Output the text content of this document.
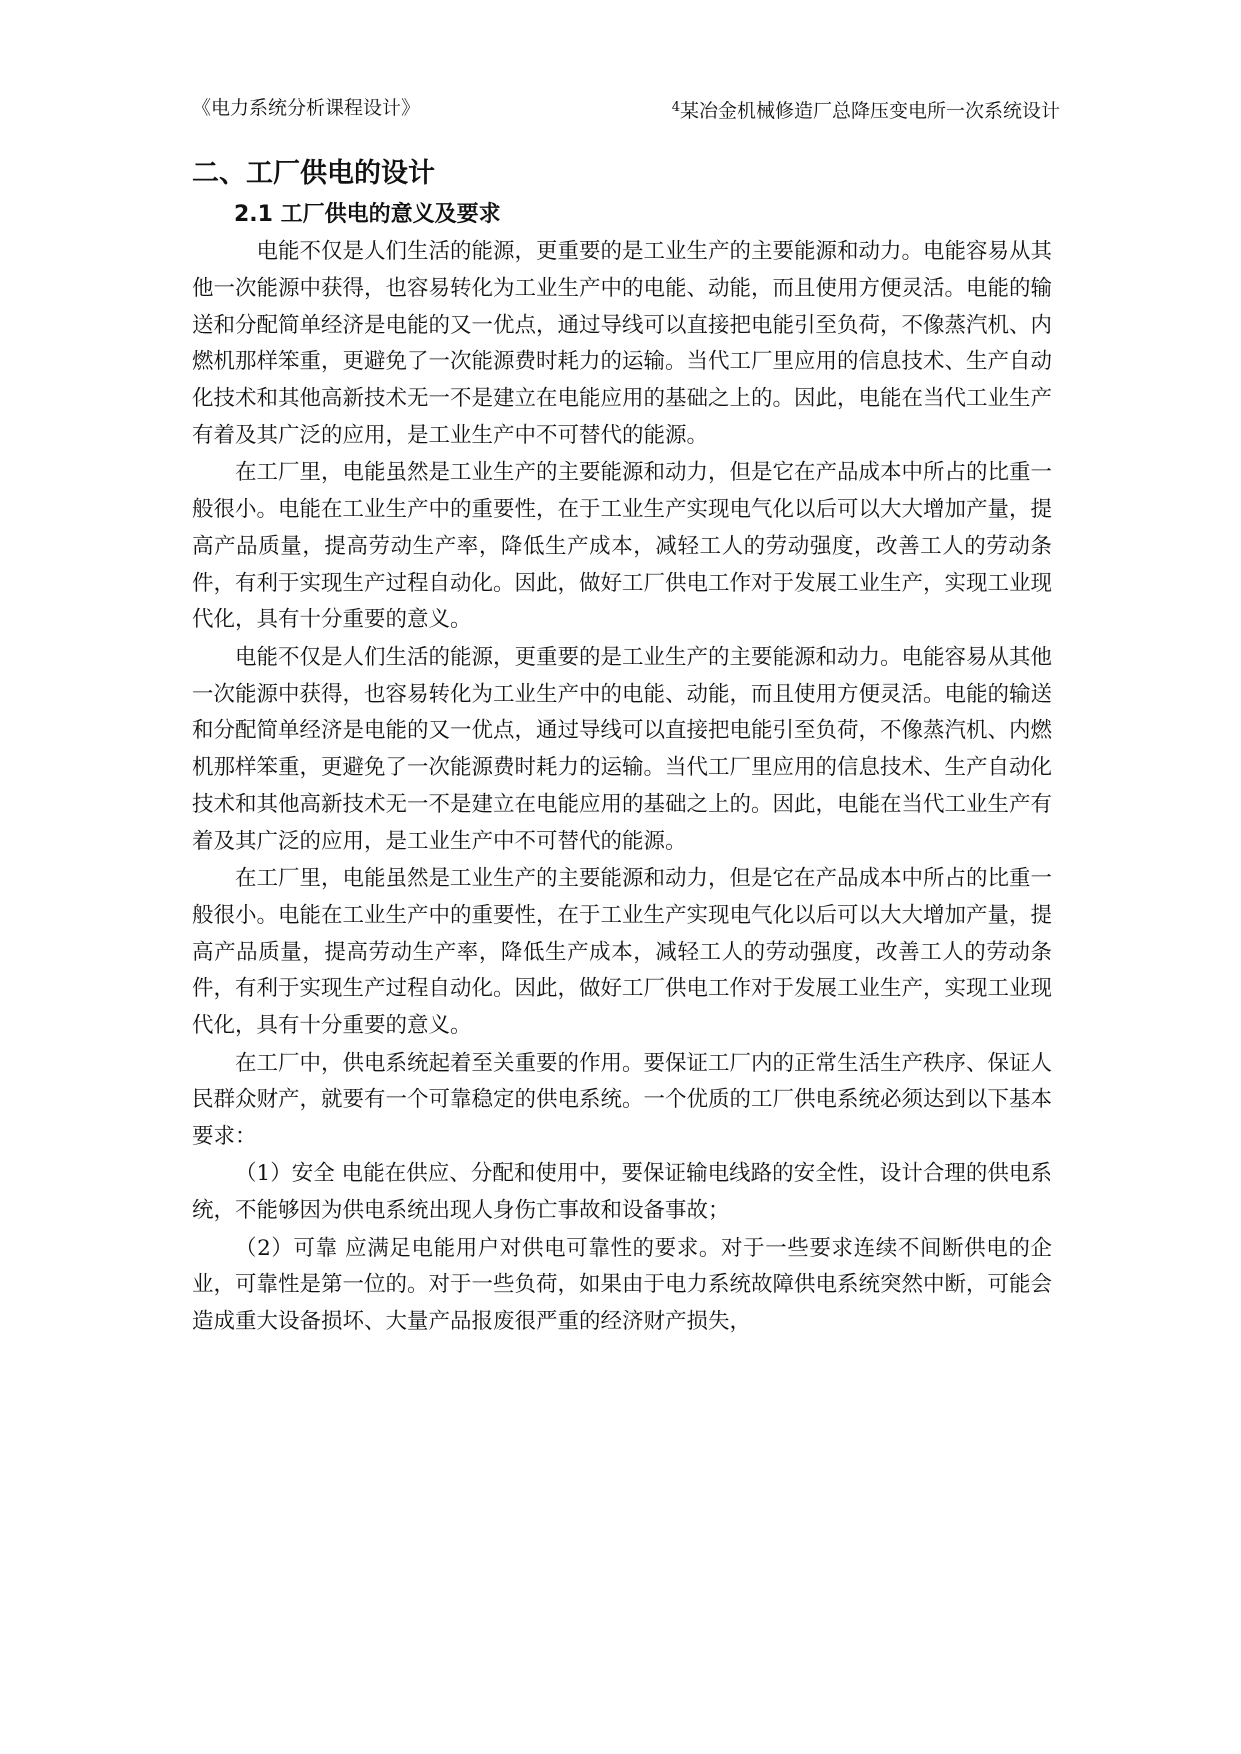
《电力系统分析课程设计》	$^4$某冶金机械修造厂总降压变电所一次系统设计
二、工厂供电的设计
2.1 工厂供电的意义及要求

电能不仅是人们生活的能源，更重要的是工业生产的主要能源和动力。电能容易从其他一次能源中获得，也容易转化为工业生产中的电能、动能，而且使用方便灵活。电能的输送和分配简单经济是电能的又一优点，通过导线可以直接把电能引至负荷，不像蒸汽机、内燃机那样笨重，更避免了一次能源费时耗力的运输。当代工厂里应用的信息技术、生产自动化技术和其他高新技术无一不是建立在电能应用的基础之上的。因此，电能在当代工业生产有着及其广泛的应用，是工业生产中不可替代的能源。

在工厂里，电能虽然是工业生产的主要能源和动力，但是它在产品成本中所占的比重一般很小。电能在工业生产中的重要性，在于工业生产实现电气化以后可以大大增加产量，提高产品质量，提高劳动生产率，降低生产成本，减轻工人的劳动强度，改善工人的劳动条件，有利于实现生产过程自动化。因此，做好工厂供电工作对于发展工业生产，实现工业现代化，具有十分重要的意义。

电能不仅是人们生活的能源，更重要的是工业生产的主要能源和动力。电能容易从其他一次能源中获得，也容易转化为工业生产中的电能、动能，而且使用方便灵活。电能的输送和分配简单经济是电能的又一优点，通过导线可以直接把电能引至负荷，不像蒸汽机、内燃机那样笨重，更避免了一次能源费时耗力的运输。当代工厂里应用的信息技术、生产自动化技术和其他高新技术无一不是建立在电能应用的基础之上的。因此，电能在当代工业生产有着及其广泛的应用，是工业生产中不可替代的能源。

在工厂里，电能虽然是工业生产的主要能源和动力，但是它在产品成本中所占的比重一般很小。电能在工业生产中的重要性，在于工业生产实现电气化以后可以大大增加产量，提高产品质量，提高劳动生产率，降低生产成本，减轻工人的劳动强度，改善工人的劳动条件，有利于实现生产过程自动化。因此，做好工厂供电工作对于发展工业生产，实现工业现代化，具有十分重要的意义。

在工厂中，供电系统起着至关重要的作用。要保证工厂内的正常生活生产秩序、保证人民群众财产，就要有一个可靠稳定的供电系统。一个优质的工厂供电系统必须达到以下基本要求：

（1）安全 电能在供应、分配和使用中，要保证输电线路的安全性，设计合理的供电系统，不能够因为供电系统出现人身伤亡事故和设备事故；

（2）可靠 应满足电能用户对供电可靠性的要求。对于一些要求连续不间断供电的企业，可靠性是第一位的。对于一些负荷，如果由于电力系统故障供电系统突然中断，可能会造成重大设备损坏、大量产品报废很严重的经济财产损失，
